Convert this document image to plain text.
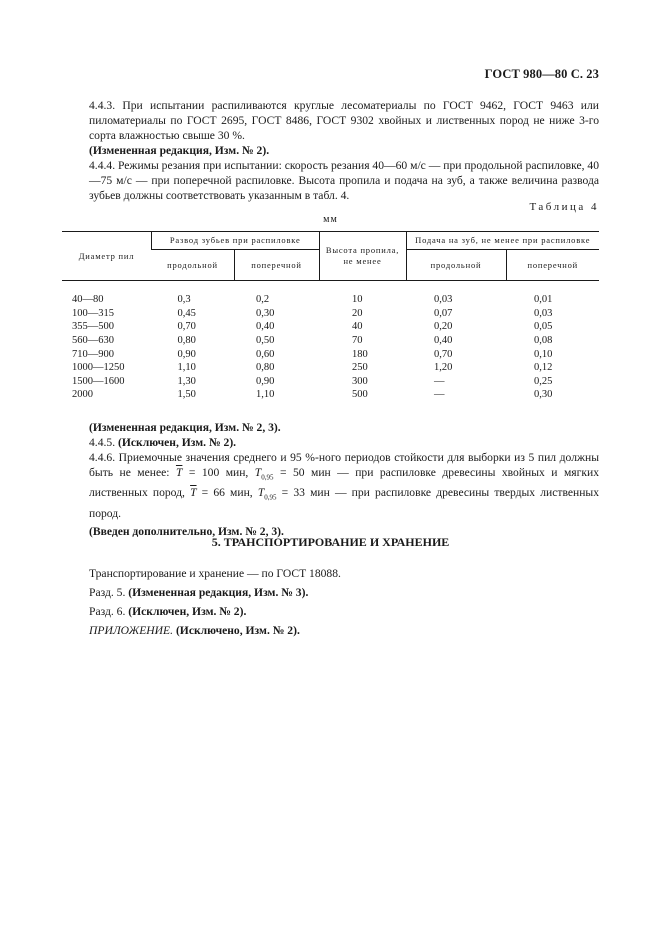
ГОСТ 980—80 С. 23

4.4.3. При испытании распиливаются круглые лесоматериалы по ГОСТ 9462, ГОСТ 9463 или пиломатериалы по ГОСТ 2695, ГОСТ 8486, ГОСТ 9302 хвойных и лиственных пород не ниже 3-го сорта влажностью свыше 30 %.

(Измененная редакция, Изм. № 2).

4.4.4. Режимы резания при испытании: скорость резания 40—60 м/с — при продольной распиловке, 40—75 м/с — при поперечной распиловке. Высота пропила и подача на зуб, а также величина развода зубьев должны соответствовать указанным в табл. 4.

Таблица 4
мм
Диаметр пил	Развод зубьев при распиловке		Высота пропила, не менее	Подача на зуб, не менее при распиловке	
	продольной	поперечной		продольной	поперечной
40—80	0,3	0,2	10	0,03	0,01
100—315	0,45	0,30	20	0,07	0,03
355—500	0,70	0,40	40	0,20	0,05
560—630	0,80	0,50	70	0,40	0,08
710—900	0,90	0,60	180	0,70	0,10
1000—1250	1,10	0,80	250	1,20	0,12
1500—1600	1,30	0,90	300	—	0,25
2000	1,50	1,10	500	—	0,30

(Измененная редакция, Изм. № 2, 3).

4.4.5. (Исключен, Изм. № 2).

4.4.6. Приемочные значения среднего и 95 %-ного периодов стойкости для выборки из 5 пил должны быть не менее: $\overline{T} = 100$ мин, $T_{0,95} = 50$ мин — при распиловке древесины хвойных и мягких лиственных пород, $\overline{T} = 66$ мин, $T_{0,95} = 33$ мин — при распиловке древесины твердых лиственных пород.

(Введен дополнительно, Изм. № 2, 3).

5. ТРАНСПОРТИРОВАНИЕ И ХРАНЕНИЕ

Транспортирование и хранение — по ГОСТ 18088.

Разд. 5. (Измененная редакция, Изм. № 3).

Разд. 6. (Исключен, Изм. № 2).

ПРИЛОЖЕНИЕ. (Исключено, Изм. № 2).
